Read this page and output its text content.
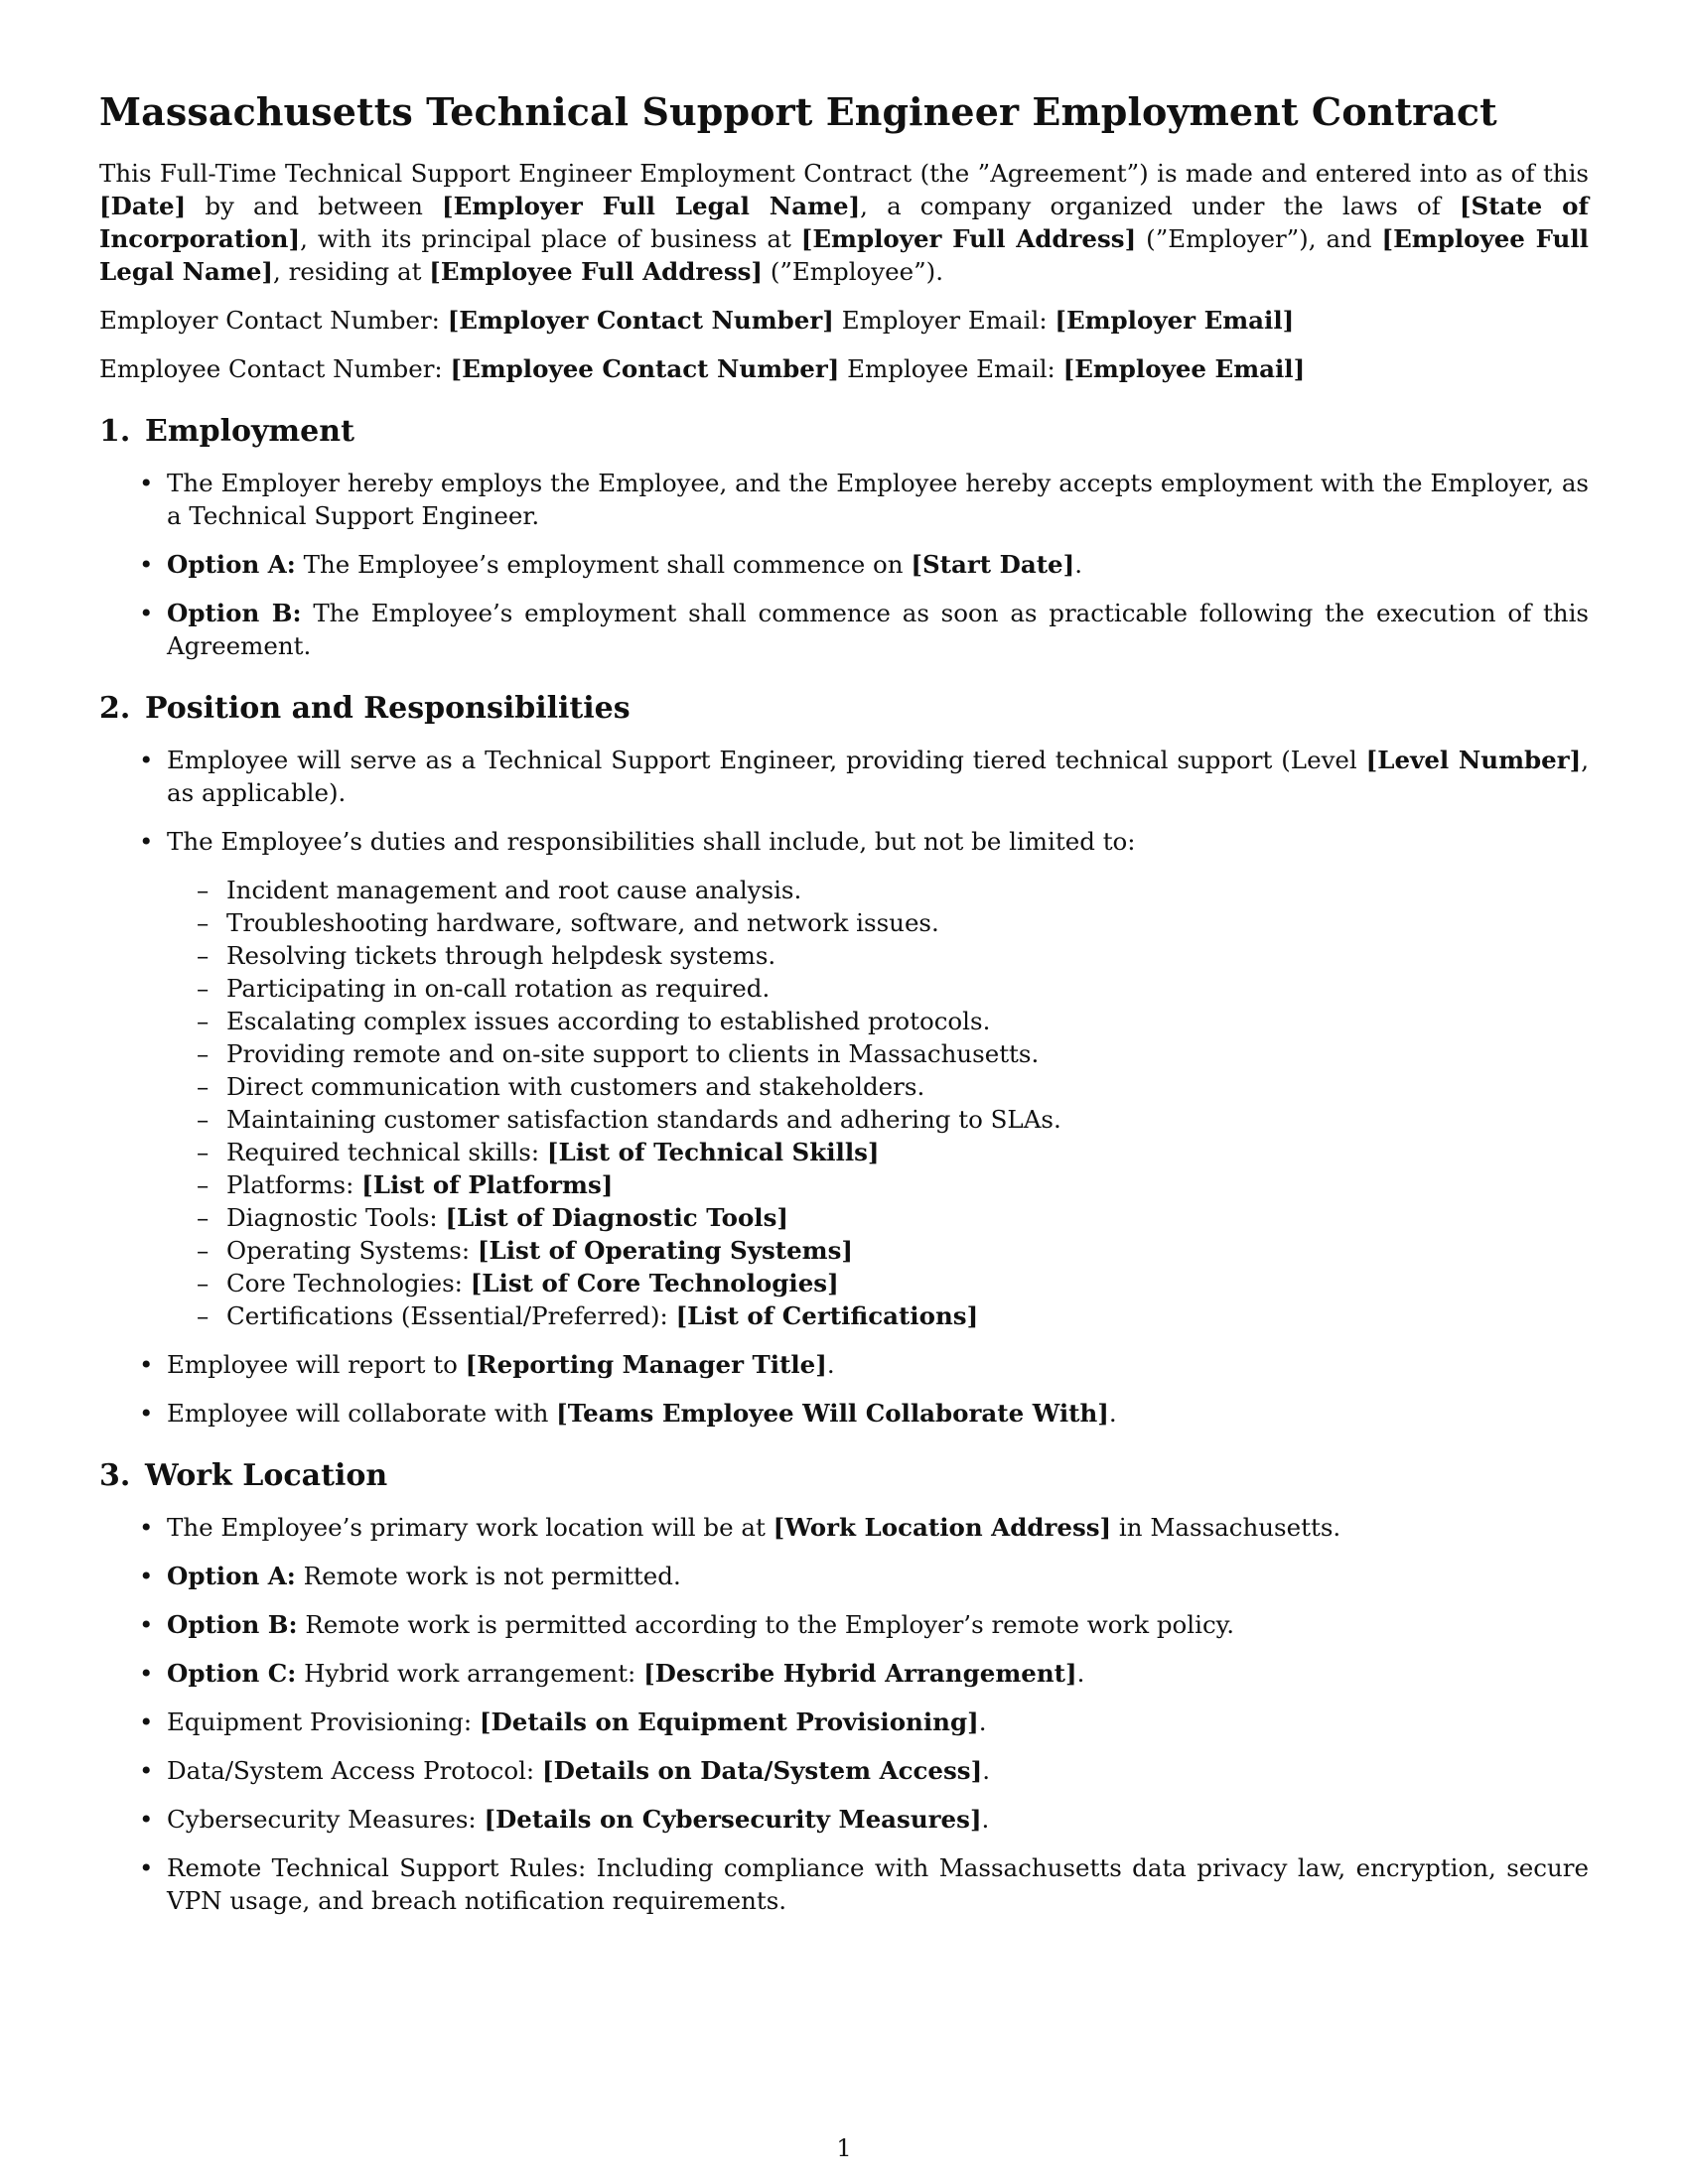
Massachusetts Technical Support Engineer Employment Contract

This Full-Time Technical Support Engineer Employment Contract (the ”Agreement”) is made and entered into as of this [Date] by and between [Employer Full Legal Name], a company organized under the laws of [State of Incorporation], with its principal place of business at [Employer Full Address] (”Employer”), and [Employee Full Legal Name], residing at [Employee Full Address] (”Employee”).

Employer Contact Number: [Employer Contact Number] Employer Email: [Employer Email]

Employee Contact Number: [Employee Contact Number] Employee Email: [Employee Email]

1. Employment
• The Employer hereby employs the Employee, and the Employee hereby accepts employment with the Employer, as a Technical Support Engineer.
• Option A: The Employee’s employment shall commence on [Start Date].
• Option B: The Employee’s employment shall commence as soon as practicable following the execution of this Agreement.
2. Position and Responsibilities
• Employee will serve as a Technical Support Engineer, providing tiered technical support (Level [Level Number], as applicable).
• The Employee’s duties and responsibilities shall include, but not be limited to:
– Incident management and root cause analysis.
– Troubleshooting hardware, software, and network issues.
– Resolving tickets through helpdesk systems.
– Participating in on-call rotation as required.
– Escalating complex issues according to established protocols.
– Providing remote and on-site support to clients in Massachusetts.
– Direct communication with customers and stakeholders.
– Maintaining customer satisfaction standards and adhering to SLAs.
– Required technical skills: [List of Technical Skills]
– Platforms: [List of Platforms]
– Diagnostic Tools: [List of Diagnostic Tools]
– Operating Systems: [List of Operating Systems]
– Core Technologies: [List of Core Technologies]
– Certifications (Essential/Preferred): [List of Certifications]
• Employee will report to [Reporting Manager Title].
• Employee will collaborate with [Teams Employee Will Collaborate With].
3. Work Location
• The Employee’s primary work location will be at [Work Location Address] in Massachusetts.
• Option A: Remote work is not permitted.
• Option B: Remote work is permitted according to the Employer’s remote work policy.
• Option C: Hybrid work arrangement: [Describe Hybrid Arrangement].
• Equipment Provisioning: [Details on Equipment Provisioning].
• Data/System Access Protocol: [Details on Data/System Access].
• Cybersecurity Measures: [Details on Cybersecurity Measures].
• Remote Technical Support Rules: Including compliance with Massachusetts data privacy law, encryption, secure VPN usage, and breach notification requirements.
1
